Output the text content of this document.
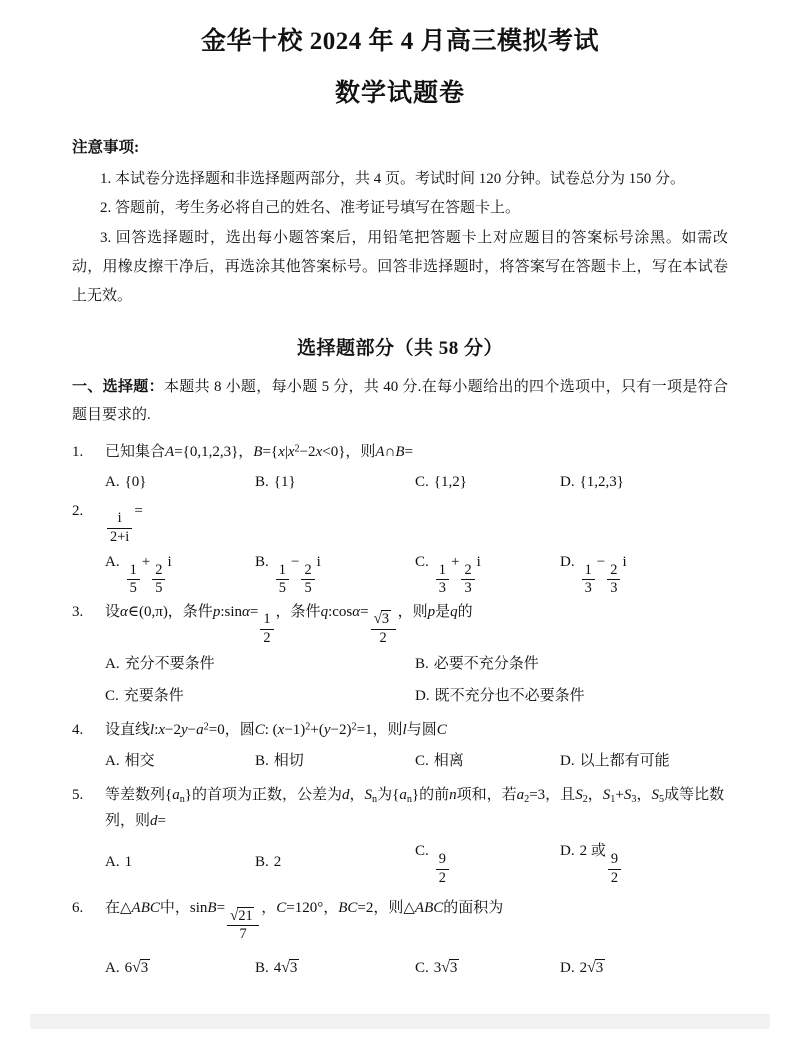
金华十校 2024 年 4 月高三模拟考试
数学试题卷
注意事项:

1. 本试卷分选择题和非选择题两部分，共 4 页。考试时间 120 分钟。试卷总分为 150 分。

2. 答题前，考生务必将自己的姓名、准考证号填写在答题卡上。

3. 回答选择题时，选出每小题答案后，用铅笔把答题卡上对应题目的答案标号涂黑。如需改动，用橡皮擦干净后，再选涂其他答案标号。回答非选择题时，将答案写在答题卡上，写在本试卷上无效。

选择题部分（共 58 分）

一、选择题：本题共 8 小题，每小题 5 分，共 40 分.在每小题给出的四个选项中，只有一项是符合题目要求的.

1.	已知集合A={0,1,2,3}，$B=\{x|x^2-2x<0\}$，则A∩B=
A. {0}	B. {1}	C. {1,2}	D. {1,2,3}
2.
$\frac{i}{2+i}$
=
A.
$\frac{1}{5}$
+
$\frac{2}{5}$
i	B.
$\frac{1}{5}$
−
$\frac{2}{5}$
i	C.
$\frac{1}{3}$
+
$\frac{2}{3}$
i	D.
$\frac{1}{3}$
−
$\frac{2}{3}$
i
3.	设α∈(0,π)，条件p:sinα=
$\frac{1}{2}$
，条件q:cosα= $\frac{√3}{2}$ ，则p是q的
A. 充分不要条件	B. 必要不充分条件
C. 充要条件	D. 既不充分也不必要条件
4.	设直线$l:x-2y-a^2=0$，圆C: $(x-1)^2+(y-2)^2=1$，则l与圆C
A. 相交	B. 相切	C. 相离	D. 以上都有可能
5.	等差数列$\{a_n\}$的首项为正数，公差为d，$S_n$为$\{a_n\}$的前n项和，若$a_2=3$，且$S_2$，$S_1+S_3$，$S_5$成等比数列，则d=
A. 1	B. 2
C.
$\frac{9}{2}$
D. 2 或
$\frac{9}{2}$
6.	在△ABC中，$\sin B= \frac{√21}{7}$ ，C=120°，BC=2，则△ABC的面积为
A. 6√3	B. 4√3	C. 3√3	D. 2√3
